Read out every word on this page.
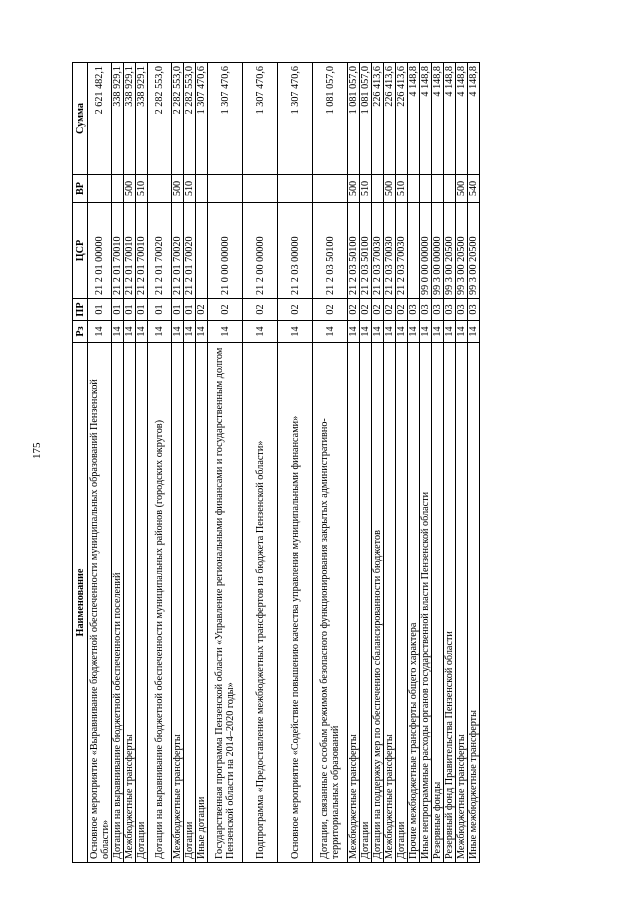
175
Наименование	Рз	ПР	ЦСР	ВР	Сумма
Основное мероприятие «Выравнивание бюджетной обеспеченности муниципальных образований Пензенской области»	14	01	21 2 01 00000		2 621 482,1
Дотации на выравнивание бюджетной обеспеченности поселений	14	01	21 2 01 70010		338 929,1
Межбюджетные трансферты	14	01	21 2 01 70010	500	338 929,1
Дотации	14	01	21 2 01 70010	510	338 929,1
Дотации на выравнивание бюджетной обеспеченности муниципальных районов (городских округов)	14	01	21 2 01 70020		2 282 553,0
Межбюджетные трансферты	14	01	21 2 01 70020	500	2 282 553,0
Дотации	14	01	21 2 01 70020	510	2 282 553,0
Иные дотации	14	02			1 307 470,6
Государственная программа Пензенской области «Управление региональными финансами и государственным долгом Пензенской области на 2014–2020 годы»	14	02	21 0 00 00000		1 307 470,6
Подпрограмма «Предоставление межбюджетных трансфертов из бюджета Пензенской области»	14	02	21 2 00 00000		1 307 470,6
Основное мероприятие «Содействие повышению качества управления муниципальными финансами»	14	02	21 2 03 00000		1 307 470,6
Дотации, связанные с особым режимом безопасного функционирования закрытых административно-территориальных образований	14	02	21 2 03 50100		1 081 057,0
Межбюджетные трансферты	14	02	21 2 03 50100	500	1 081 057,0
Дотации	14	02	21 2 03 50100	510	1 081 057,0
Дотации на поддержку мер по обеспечению сбалансированности бюджетов	14	02	21 2 03 70030		226 413,6
Межбюджетные трансферты	14	02	21 2 03 70030	500	226 413,6
Дотации	14	02	21 2 03 70030	510	226 413,6
Прочие межбюджетные трансферты общего характера	14	03			4 148,8
Иные непрограммные расходы органов государственной власти Пензенской области	14	03	99 0 00 00000		4 148,8
Резервные фонды	14	03	99 3 00 00000		4 148,8
Резервный фонд Правительства Пензенской области	14	03	99 3 00 20500		4 148,8
Межбюджетные трансферты	14	03	99 3 00 20500	500	4 148,8
Иные межбюджетные трансферты	14	03	99 3 00 20500	540	4 148,8
